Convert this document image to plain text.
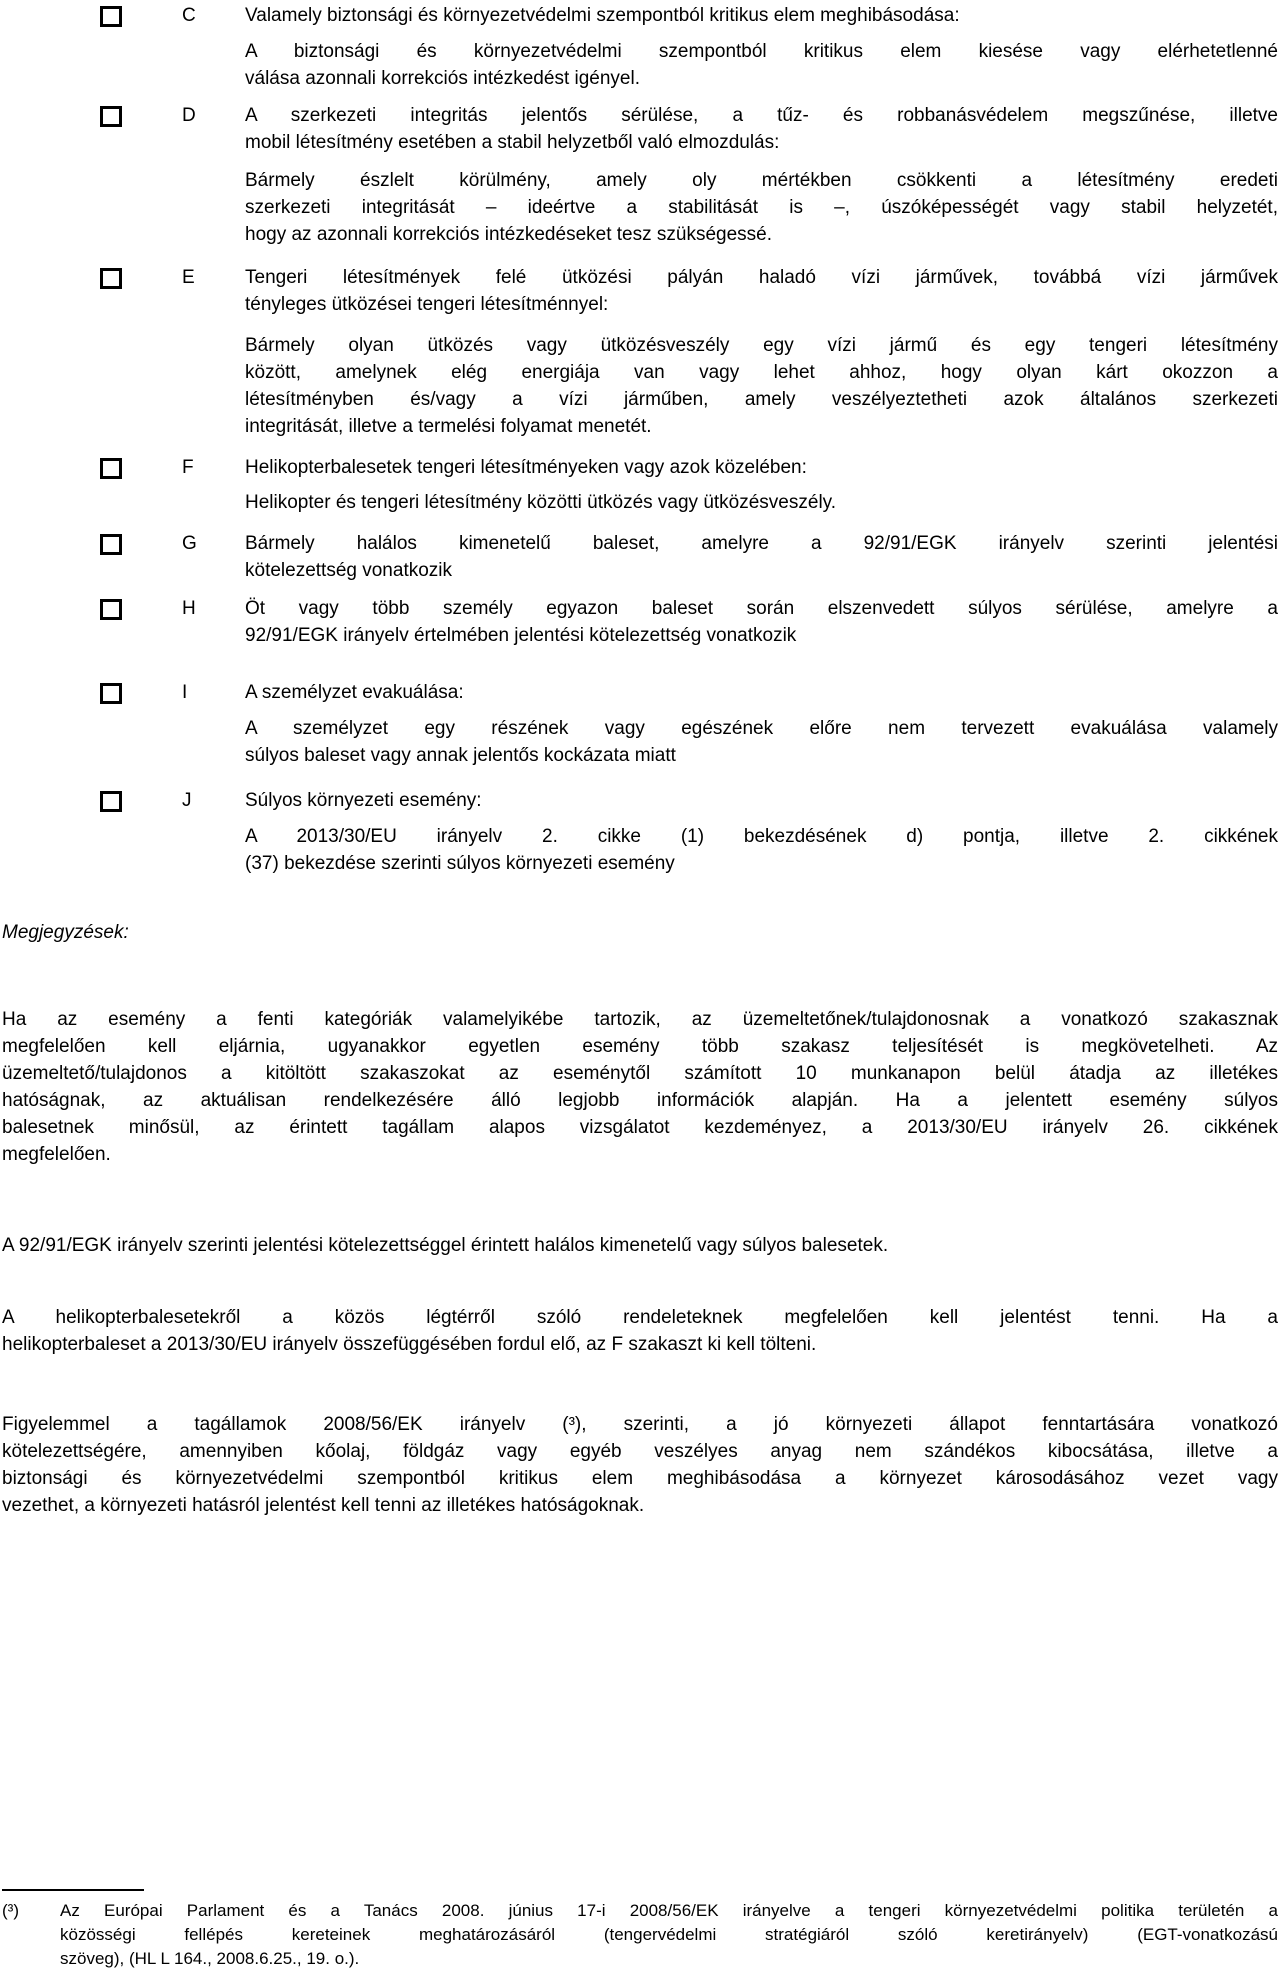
C	Valamely biztonsági és környezetvédelmi szempontból kritikus elem meghibásodása:

A biztonsági és környezetvédelmi szempontból kritikus elem kiesése vagy elérhetetlenné
válása azonnali korrekciós intézkedést igényel.
D	A szerkezeti integritás jelentős sérülése, a tűz- és robbanásvédelem megszűnése, illetve
mobil létesítmény esetében a stabil helyzetből való elmozdulás:
Bármely észlelt körülmény, amely oly mértékben csökkenti a létesítmény eredeti
szerkezeti integritását – ideértve a stabilitását is –, úszóképességét vagy stabil helyzetét,
hogy az azonnali korrekciós intézkedéseket tesz szükségessé.
E	Tengeri létesítmények felé ütközési pályán haladó vízi járművek, továbbá vízi járművek
tényleges ütközései tengeri létesítménnyel:
Bármely olyan ütközés vagy ütközésveszély egy vízi jármű és egy tengeri létesítmény
között, amelynek elég energiája van vagy lehet ahhoz, hogy olyan kárt okozzon a
létesítményben és/vagy a vízi járműben, amely veszélyeztetheti azok általános szerkezeti
integritását, illetve a termelési folyamat menetét.
F	Helikopterbalesetek tengeri létesítményeken vagy azok közelében:

Helikopter és tengeri létesítmény közötti ütközés vagy ütközésveszély.

G	Bármely halálos kimenetelű baleset, amelyre a 92/91/EGK irányelv szerinti jelentési
kötelezettség vonatkozik
H	Öt vagy több személy egyazon baleset során elszenvedett súlyos sérülése, amelyre a
92/91/EGK irányelv értelmében jelentési kötelezettség vonatkozik
I	A személyzet evakuálása:

A személyzet egy részének vagy egészének előre nem tervezett evakuálása valamely
súlyos baleset vagy annak jelentős kockázata miatt
J	Súlyos környezeti esemény:

A 2013/30/EU irányelv 2. cikke (1) bekezdésének d) pontja, illetve 2. cikkének
(37) bekezdése szerinti súlyos környezeti esemény
Megjegyzések:
Ha az esemény a fenti kategóriák valamelyikébe tartozik, az üzemeltetőnek/tulajdonosnak a vonatkozó szakasznak
megfelelően kell eljárnia, ugyanakkor egyetlen esemény több szakasz teljesítését is megkövetelheti. Az
üzemeltető/tulajdonos a kitöltött szakaszokat az eseménytől számított 10 munkanapon belül átadja az illetékes
hatóságnak, az aktuálisan rendelkezésére álló legjobb információk alapján. Ha a jelentett esemény súlyos
balesetnek minősül, az érintett tagállam alapos vizsgálatot kezdeményez, a 2013/30/EU irányelv 26. cikkének
megfelelően.

A 92/91/EGK irányelv szerinti jelentési kötelezettséggel érintett halálos kimenetelű vagy súlyos balesetek.

A helikopterbalesetekről a közös légtérről szóló rendeleteknek megfelelően kell jelentést tenni. Ha a
helikopterbaleset a 2013/30/EU irányelv összefüggésében fordul elő, az F szakaszt ki kell tölteni.
Figyelemmel a tagállamok 2008/56/EK irányelv (³), szerinti, a jó környezeti állapot fenntartására vonatkozó
kötelezettségére, amennyiben kőolaj, földgáz vagy egyéb veszélyes anyag nem szándékos kibocsátása, illetve a
biztonsági és környezetvédelmi szempontból kritikus elem meghibásodása a környezet károsodásához vezet vagy
vezethet, a környezeti hatásról jelentést kell tenni az illetékes hatóságoknak.
(³) Az Európai Parlament és a Tanács 2008. június 17-i 2008/56/EK irányelve a tengeri környezetvédelmi politika területén a
közösségi fellépés kereteinek meghatározásáról (tengervédelmi stratégiáról szóló keretirányelv) (EGT-vonatkozású
szöveg), (HL L 164., 2008.6.25., 19. o.).
